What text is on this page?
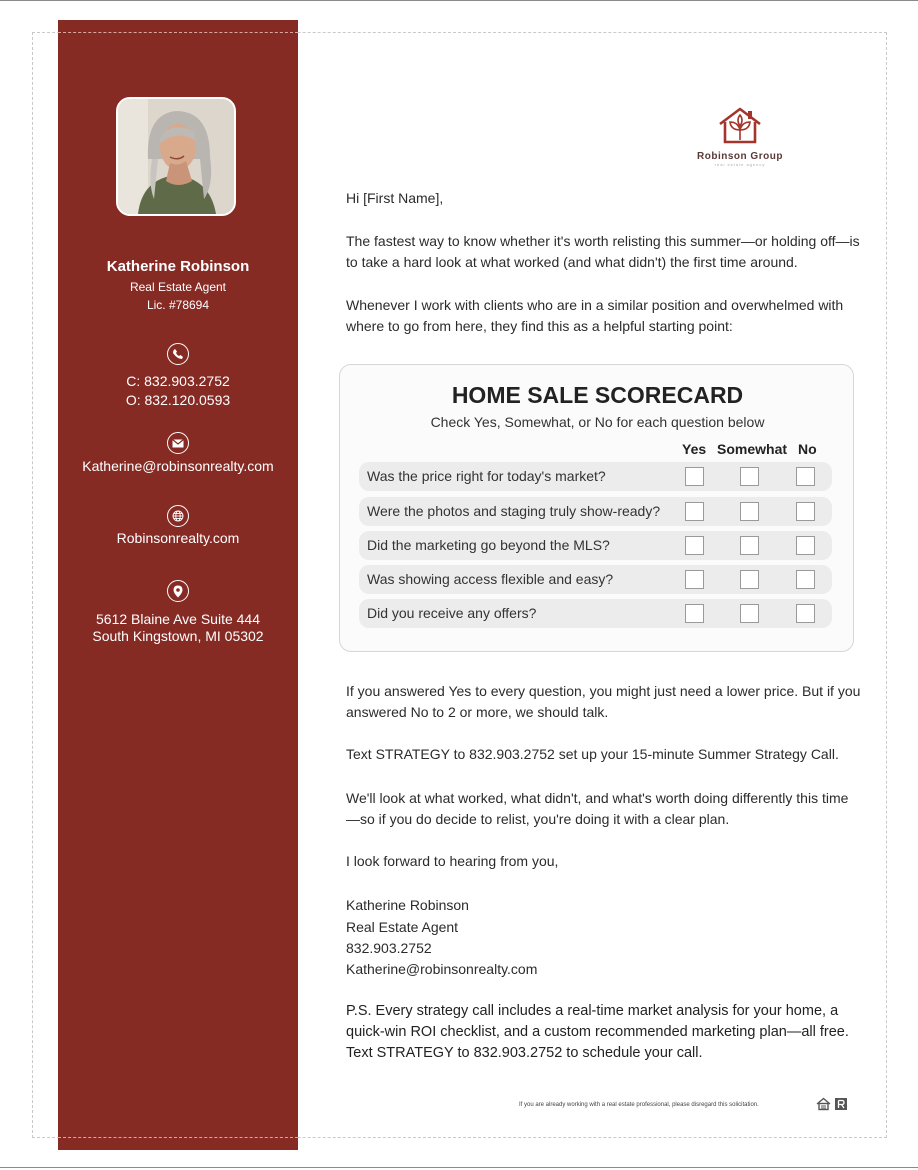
Katherine Robinson
Real Estate Agent
Lic. #78694
C: 832.903.2752
O: 832.120.0593
Katherine@robinsonrealty.com
Robinsonrealty.com
5612 Blaine Ave Suite 444
South Kingstown, MI 05302
Robinson Group
real estate agency
Hi [First Name],
The fastest way to know whether it's worth relisting this summer—or holding off—is to take a hard look at what worked (and what didn't) the first time around.
Whenever I work with clients who are in a similar position and overwhelmed with where to go from here, they find this as a helpful starting point:
HOME SALE SCORECARD
Check Yes, Somewhat, or No for each question below
Yes Somewhat No
Was the price right for today's market?
Were the photos and staging truly show-ready?
Did the marketing go beyond the MLS?
Was showing access flexible and easy?
Did you receive any offers?
If you answered Yes to every question, you might just need a lower price. But if you answered No to 2 or more, we should talk.
Text STRATEGY to 832.903.2752 set up your 15-minute Summer Strategy Call.
We'll look at what worked, what didn't, and what's worth doing differently this time—so if you do decide to relist, you're doing it with a clear plan.
I look forward to hearing from you,
Katherine Robinson
Real Estate Agent
832.903.2752
Katherine@robinsonrealty.com
P.S. Every strategy call includes a real-time market analysis for your home, a quick-win ROI checklist, and a custom recommended marketing plan—all free. Text STRATEGY to 832.903.2752 to schedule your call.
If you are already working with a real estate professional, please disregard this solicitation.
